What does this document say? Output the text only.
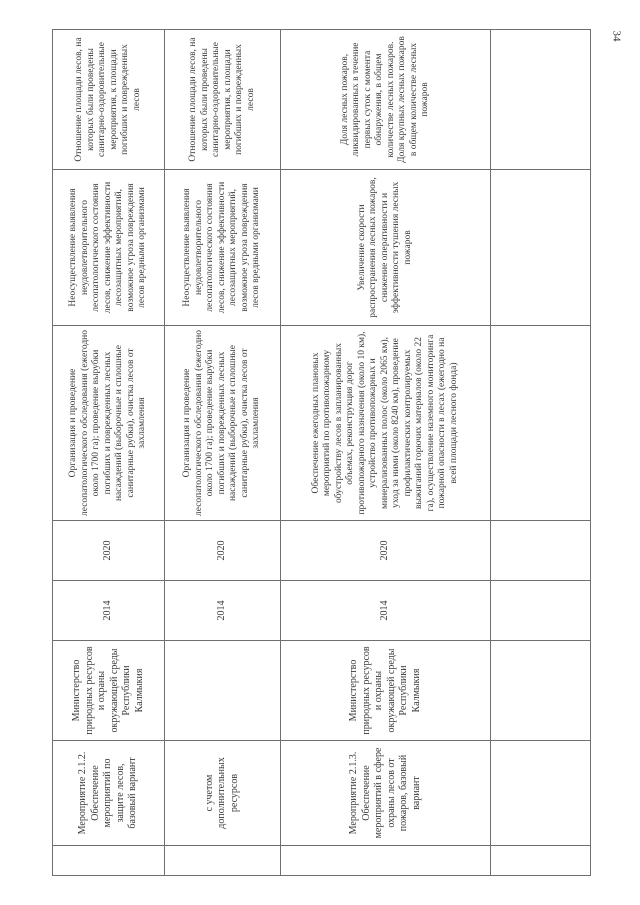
34
	Мероприятие 2.1.2. Обеспечение мероприятий по защите лесов, базовый вариант	Министерство природных ресурсов и охраны окружающей среды Республики Калмыкия	2014	2020	Организация и проведение лесопатологического обследования (ежегодно около 1700 га); проведение вырубки погибших и поврежденных лесных насаждений (выборочные и сплошные санитарные рубки), очистка лесов от захламления	Неосуществление выявления неудовлетворительного лесопатологического состояния лесов, снижение эффективности лесозащитных мероприятий, возможное угроза повреждения лесов вредными организмами	Отношение площади лесов, на которых были проведены санитарно-оздоровительные мероприятия, к площади погибших и поврежденных лесов
	с учетом дополнительных ресурсов		2014	2020	Организация и проведение лесопатологического обследования (ежегодно около 1700 га); проведение вырубки погибших и поврежденных лесных насаждений (выборочные и сплошные санитарные рубки), очистка лесов от захламления	Неосуществление выявления неудовлетворительного лесопатологического состояния лесов, снижение эффективности лесозащитных мероприятий, возможное угроза повреждения лесов вредными организмами	Отношение площади лесов, на которых были проведены санитарно-оздоровительные мероприятия, к площади погибших и поврежденных лесов
	Мероприятие 2.1.3. Обеспечение мероприятий в сфере охраны лесов от пожаров, базовый вариант	Министерство природных ресурсов и охраны окружающей среды Республики Калмыкия	2014	2020	Обеспечение ежегодных плановых мероприятий по противопожарному обустройству лесов в запланированных объемах, реконструкция дорог противопожарного назначения (около 10 км), устройство противопожарных и минерализованных полос (около 2065 км), уход за ними (около 8240 км), проведение профилактических контролируемых выжиганий горючих материалов (около 22 га), осуществление наземного мониторинга пожарной опасности в лесах (ежегодно на всей площади лесного фонда)	Увеличение скорости распространения лесных пожаров, снижение оперативности и эффективности тушения лесных пожаров	Доля лесных пожаров, ликвидированных в течение первых суток с момента обнаружения, в общем количестве лесных пожаров. Доля крупных лесных пожаров в общем количестве лесных пожаров
